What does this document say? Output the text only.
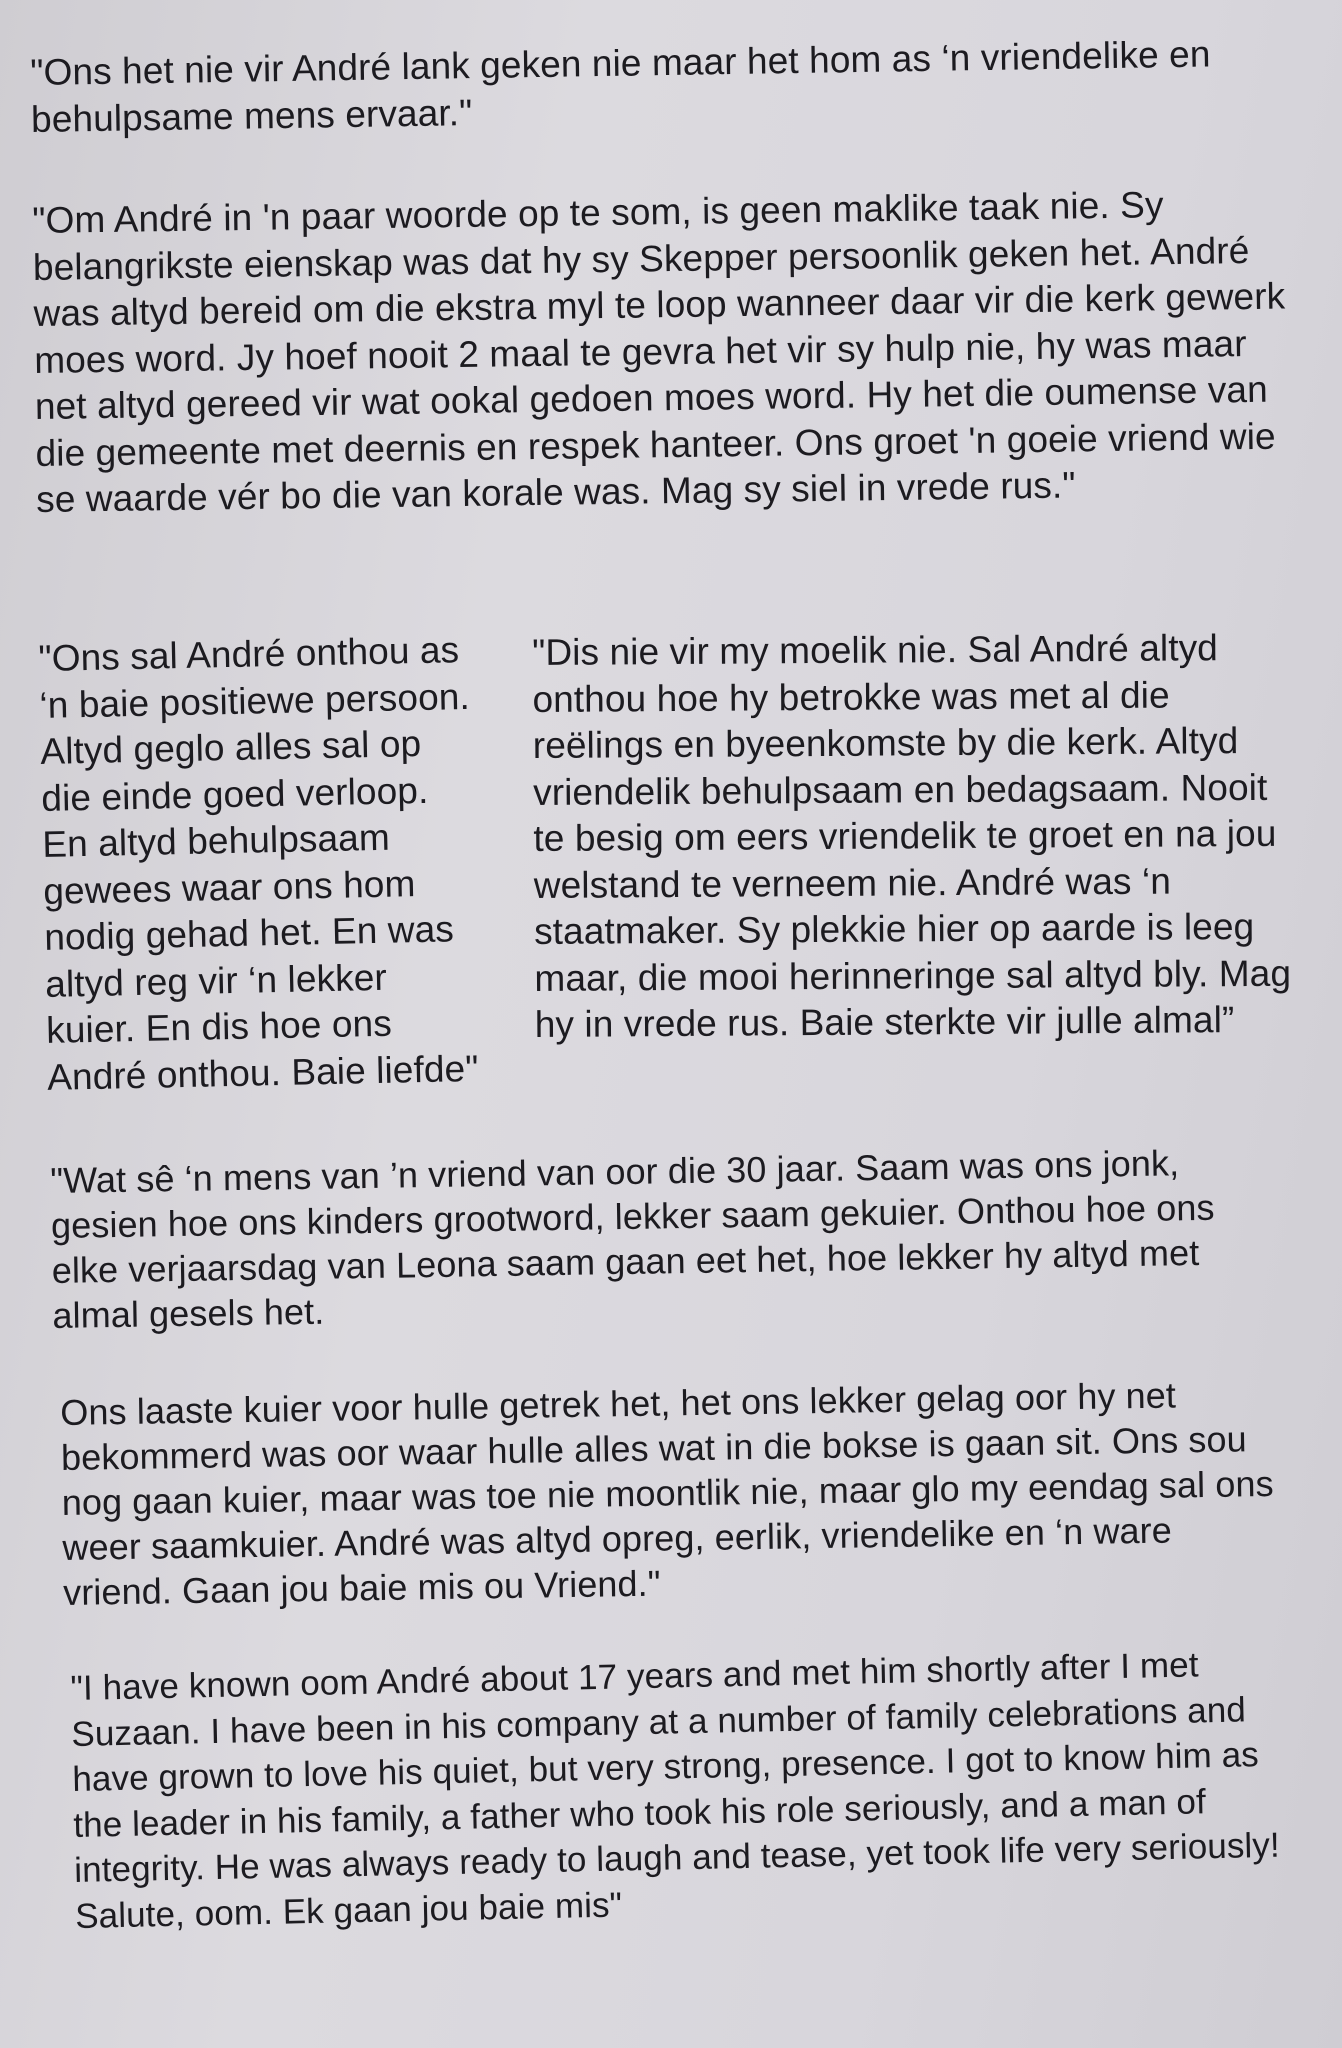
"Ons het nie vir André lank geken nie maar het hom as ‘n vriendelike en behulpsame mens ervaar."

"Om André in 'n paar woorde op te som, is geen maklike taak nie. Sy belangrikste eienskap was dat hy sy Skepper persoonlik geken het. André was altyd bereid om die ekstra myl te loop wanneer daar vir die kerk gewerk moes word. Jy hoef nooit 2 maal te gevra het vir sy hulp nie, hy was maar net altyd gereed vir wat ookal gedoen moes word. Hy het die oumense van die gemeente met deernis en respek hanteer. Ons groet 'n goeie vriend wie se waarde vér bo die van korale was. Mag sy siel in vrede rus."

"Ons sal André onthou as ‘n baie positiewe persoon. Altyd geglo alles sal op die einde goed verloop. En altyd behulpsaam gewees waar ons hom nodig gehad het. En was altyd reg vir ‘n lekker kuier. En dis hoe ons André onthou. Baie liefde"

"Dis nie vir my moelik nie. Sal André altyd onthou hoe hy betrokke was met al die reëlings en byeenkomste by die kerk. Altyd vriendelik behulpsaam en bedagsaam. Nooit te besig om eers vriendelik te groet en na jou welstand te verneem nie. André was ‘n staatmaker. Sy plekkie hier op aarde is leeg maar, die mooi herinneringe sal altyd bly. Mag hy in vrede rus. Baie sterkte vir julle almal”

"Wat sê ‘n mens van ’n vriend van oor die 30 jaar. Saam was ons jonk, gesien hoe ons kinders grootword, lekker saam gekuier. Onthou hoe ons elke verjaarsdag van Leona saam gaan eet het, hoe lekker hy altyd met almal gesels het.

Ons laaste kuier voor hulle getrek het, het ons lekker gelag oor hy net bekommerd was oor waar hulle alles wat in die bokse is gaan sit. Ons sou nog gaan kuier, maar was toe nie moontlik nie, maar glo my eendag sal ons weer saamkuier. André was altyd opreg, eerlik, vriendelike en ‘n ware vriend. Gaan jou baie mis ou Vriend."

"I have known oom André about 17 years and met him shortly after I met Suzaan. I have been in his company at a number of family celebrations and have grown to love his quiet, but very strong, presence. I got to know him as the leader in his family, a father who took his role seriously, and a man of integrity. He was always ready to laugh and tease, yet took life very seriously!

Salute, oom. Ek gaan jou baie mis"
